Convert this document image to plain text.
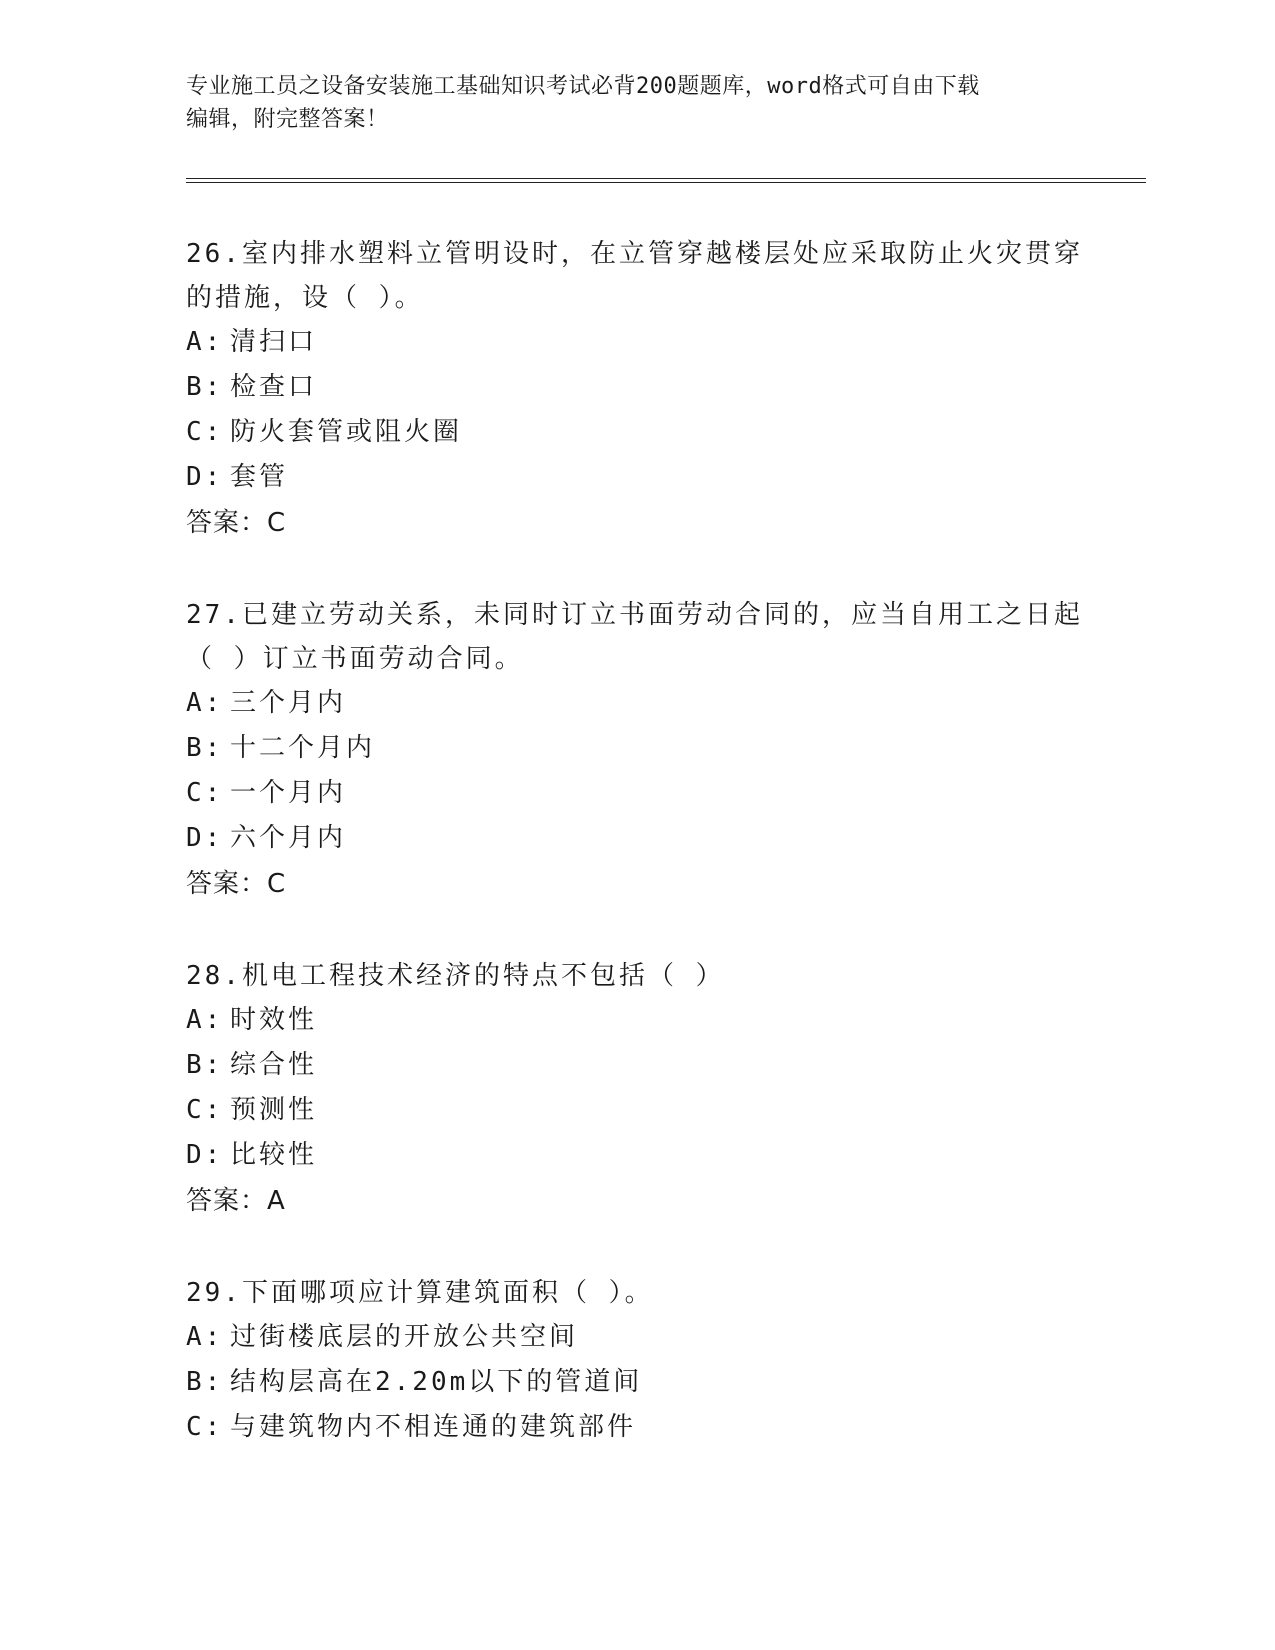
专业施工员之设备安装施工基础知识考试必背200题题库，word格式可自由下载
编辑，附完整答案！
26.室内排水塑料立管明设时，在立管穿越楼层处应采取防止火灾贯穿的措施，设（ ）。
A: 清扫口
B: 检查口
C: 防火套管或阻火圈
D: 套管
答案：C
27.已建立劳动关系，未同时订立书面劳动合同的，应当自用工之日起（ ）订立书面劳动合同。
A: 三个月内
B: 十二个月内
C: 一个月内
D: 六个月内
答案：C
28.机电工程技术经济的特点不包括（ ）
A: 时效性
B: 综合性
C: 预测性
D: 比较性
答案：A
29.下面哪项应计算建筑面积（ ）。
A: 过街楼底层的开放公共空间
B: 结构层高在2.20m以下的管道间
C: 与建筑物内不相连通的建筑部件
